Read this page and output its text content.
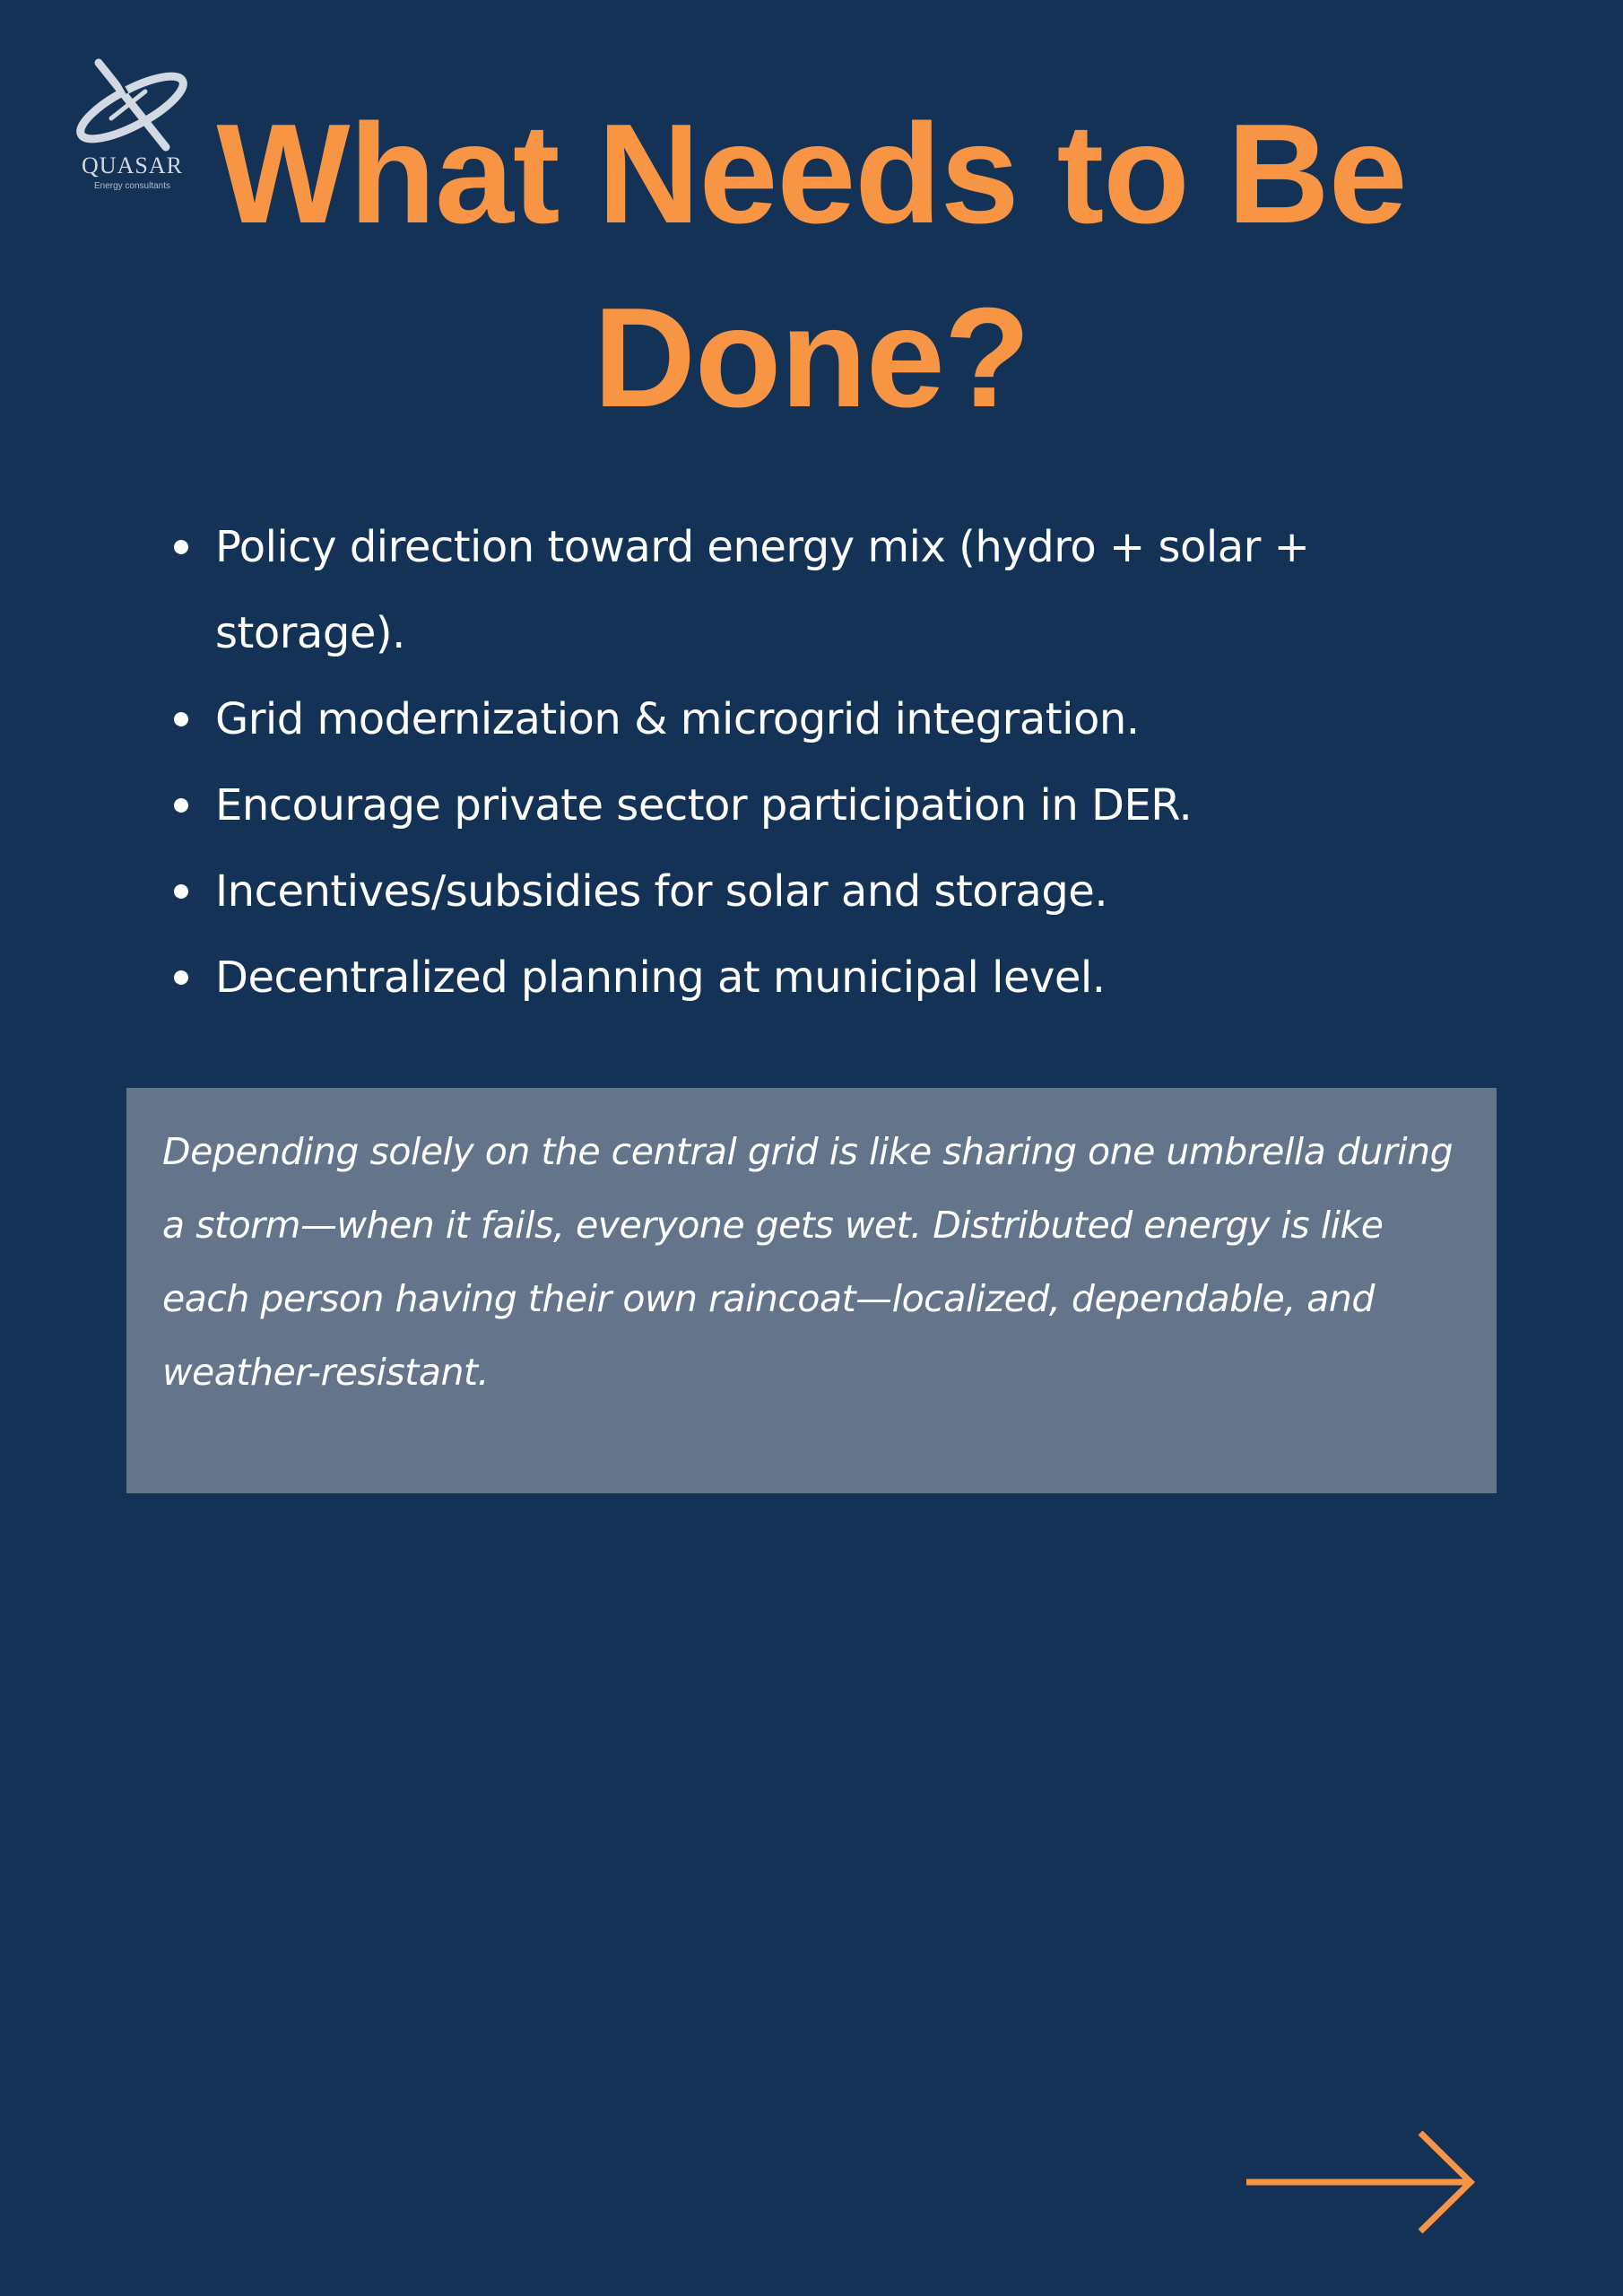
QUASAR
Energy consultants What Needs to Be Done?
Policy direction toward energy mix (hydro + solar + storage).
Grid modernization & microgrid integration.
Encourage private sector participation in DER.
Incentives/subsidies for solar and storage.
Decentralized planning at municipal level.

Depending solely on the central grid is like sharing one umbrella during a storm—when it fails, everyone gets wet. Distributed energy is like each person having their own raincoat—localized, dependable, and weather-resistant.
